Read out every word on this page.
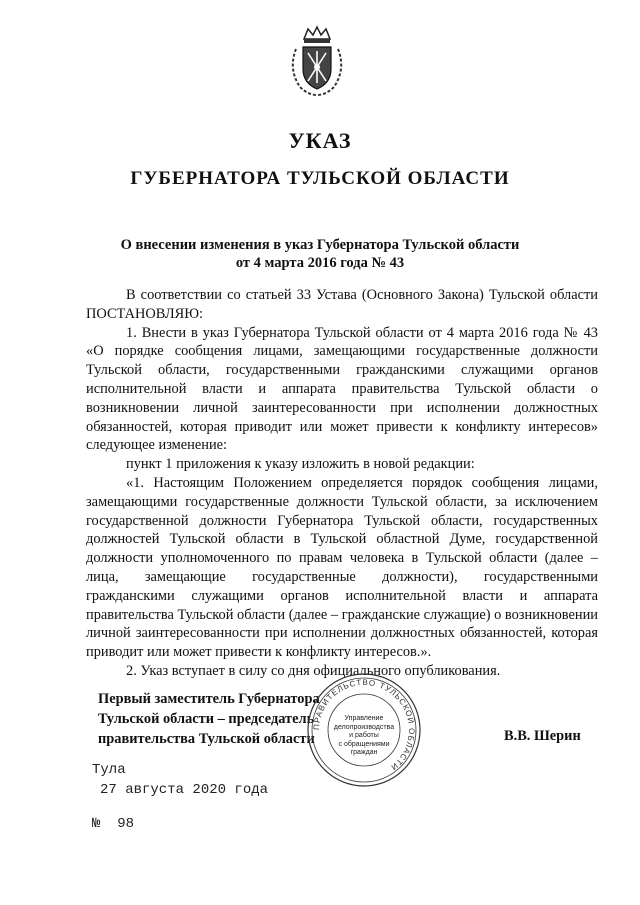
УКАЗ
ГУБЕРНАТОРА ТУЛЬСКОЙ ОБЛАСТИ
О внесении изменения в указ Губернатора Тульской области
от 4 марта 2016 года № 43

В соответствии со статьей 33 Устава (Основного Закона) Тульской области ПОСТАНОВЛЯЮ:

1. Внести в указ Губернатора Тульской области от 4 марта 2016 года № 43 «О порядке сообщения лицами, замещающими государственные должности Тульской области, государственными гражданскими служащими органов исполнительной власти и аппарата правительства Тульской области о возникновении личной заинтересованности при исполнении должностных обязанностей, которая приводит или может привести к конфликту интересов» следующее изменение:

пункт 1 приложения к указу изложить в новой редакции:

«1. Настоящим Положением определяется порядок сообщения лицами, замещающими государственные должности Тульской области, за исключением государственной должности Губернатора Тульской области, государственных должностей Тульской области в Тульской областной Думе, государственной должности уполномоченного по правам человека в Тульской области (далее – лица, замещающие государственные должности), государственными гражданскими служащими органов исполнительной власти и аппарата правительства Тульской области (далее – гражданские служащие) о возникновении личной заинтересованности при исполнении должностных обязанностей, которая приводит или может привести к конфликту интересов.».

2. Указ вступает в силу со дня официального опубликования.

Первый заместитель Губернатора
Тульской области – председатель
правительства Тульской области
ПРАВИТЕЛЬСТВО ТУЛЬСКОЙ ОБЛАСТИ
Управление
делопроизводства
и работы
с обращениями
граждан
В.В. Шерин
Тула
27 августа 2020 года
№  98
